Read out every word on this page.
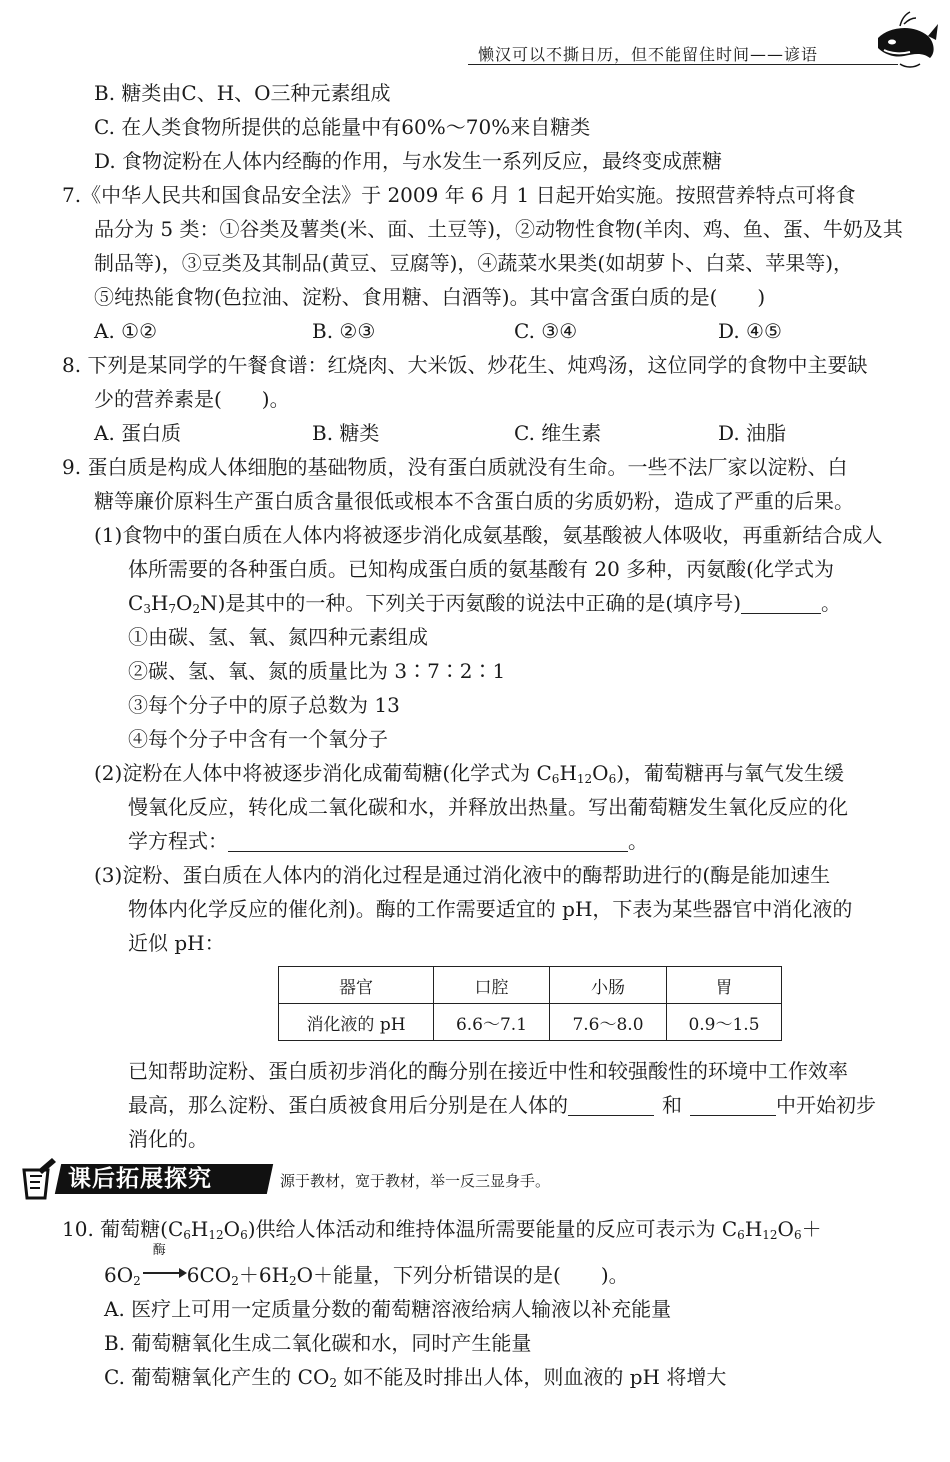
懒汉可以不撕日历，但不能留住时间——谚语
B. 糖类由C、H、O三种元素组成
C. 在人类食物所提供的总能量中有60%～70%来自糖类
D. 食物淀粉在人体内经酶的作用，与水发生一系列反应，最终变成蔗糖
7.《中华人民共和国食品安全法》于 2009 年 6 月 1 日起开始实施。按照营养特点可将食
品分为 5 类：①谷类及薯类(米、面、土豆等)，②动物性食物(羊肉、鸡、鱼、蛋、牛奶及其
制品等)，③豆类及其制品(黄豆、豆腐等)，④蔬菜水果类(如胡萝卜、白菜、苹果等)，
⑤纯热能食物(色拉油、淀粉、食用糖、白酒等)。其中富含蛋白质的是(　　)
A. ①②	B. ②③	C. ③④	D. ④⑤
8. 下列是某同学的午餐食谱：红烧肉、大米饭、炒花生、炖鸡汤，这位同学的食物中主要缺
少的营养素是(　　)。
A. 蛋白质	B. 糖类	C. 维生素	D. 油脂
9. 蛋白质是构成人体细胞的基础物质，没有蛋白质就没有生命。一些不法厂家以淀粉、白
糖等廉价原料生产蛋白质含量很低或根本不含蛋白质的劣质奶粉，造成了严重的后果。
(1)食物中的蛋白质在人体内将被逐步消化成氨基酸，氨基酸被人体吸收，再重新结合成人
体所需要的各种蛋白质。已知构成蛋白质的氨基酸有 20 多种，丙氨酸(化学式为
$C_3H_7O_2N$)是其中的一种。下列关于丙氨酸的说法中正确的是(填序号)	。
①由碳、氢、氧、氮四种元素组成
②碳、氢、氧、氮的质量比为 3∶7∶2∶1
③每个分子中的原子总数为 13
④每个分子中含有一个氧分子
(2)淀粉在人体中将被逐步消化成葡萄糖(化学式为 $C_6H_{12}O_6$)，葡萄糖再与氧气发生缓
慢氧化反应，转化成二氧化碳和水，并释放出热量。写出葡萄糖发生氧化反应的化
学方程式：	。
(3)淀粉、蛋白质在人体内的消化过程是通过消化液中的酶帮助进行的(酶是能加速生
物体内化学反应的催化剂)。酶的工作需要适宜的 pH，下表为某些器官中消化液的
近似 pH：
器官	口腔	小肠	胃
消化液的 pH	6.6～7.1	7.6～8.0	0.9～1.5
已知帮助淀粉、蛋白质初步消化的酶分别在接近中性和较强酸性的环境中工作效率
最高，那么淀粉、蛋白质被食用后分别是在人体的	和	中开始初步
消化的。
课后拓展探究	源于教材，宽于教材，举一反三显身手。
10. 葡萄糖$(C_6H_{12}O_6)$供给人体活动和维持体温所需要能量的反应可表示为 $C_6H_{12}O_6+$
$6O_2$
酶
$6CO_2+6H_2O+$能量，下列分析错误的是(　　)。
A. 医疗上可用一定质量分数的葡萄糖溶液给病人输液以补充能量
B. 葡萄糖氧化生成二氧化碳和水，同时产生能量
C. 葡萄糖氧化产生的 $CO_2$ 如不能及时排出人体，则血液的 pH 将增大
